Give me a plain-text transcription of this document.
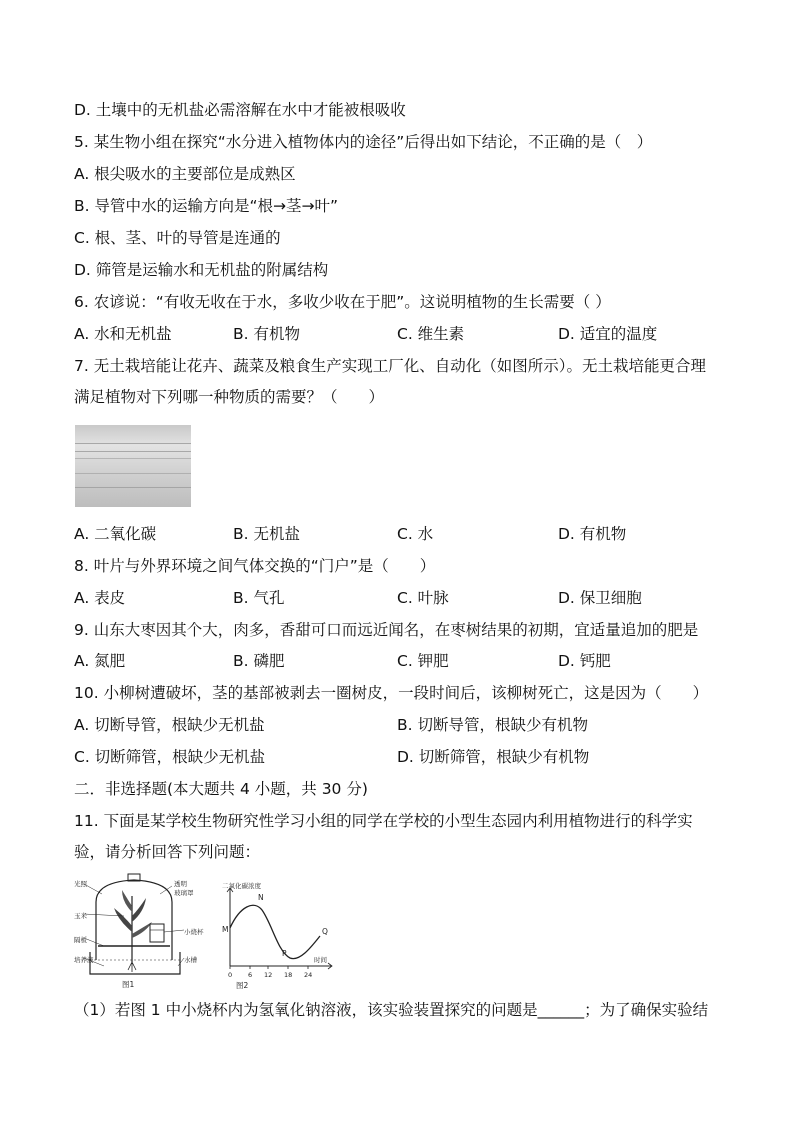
D. 土壤中的无机盐必需溶解在水中才能被根吸收
5. 某生物小组在探究“水分进入植物体内的途径”后得出如下结论，不正确的是（　）
A. 根尖吸水的主要部位是成熟区
B. 导管中水的运输方向是“根→茎→叶”
C. 根、茎、叶的导管是连通的
D. 筛管是运输水和无机盐的附属结构
6. 农谚说：“有收无收在于水，多收少收在于肥”。这说明植物的生长需要（ ）
A. 水和无机盐	B. 有机物	C. 维生素	D. 适宜的温度
7. 无土栽培能让花卉、蔬菜及粮食生产实现工厂化、自动化（如图所示）。无土栽培能更合理
满足植物对下列哪一种物质的需要？（　　）
A. 二氧化碳	B. 无机盐	C. 水	D. 有机物
8. 叶片与外界环境之间气体交换的“门户”是（　　）
A. 表皮	B. 气孔	C. 叶脉	D. 保卫细胞
9. 山东大枣因其个大，肉多，香甜可口而远近闻名，在枣树结果的初期，宜适量追加的肥是
A. 氮肥	B. 磷肥	C. 钾肥	D. 钙肥
10. 小柳树遭破坏，茎的基部被剥去一圈树皮，一段时间后，该柳树死亡，这是因为（　　）
A. 切断导管，根缺少无机盐	B. 切断导管，根缺少有机物
C. 切断筛管，根缺少无机盐	D. 切断筛管，根缺少有机物
二．非选择题(本大题共 4 小题，共 30 分)
11. 下面是某学校生物研究性学习小组的同学在学校的小型生态园内利用植物进行的科学实
验，请分析回答下列问题：
光照
玉米
隔板
培养液
透明
玻璃罩
小烧杯
水槽
图1
二氧化碳浓度
时间
0 6 12 18 24
M
N
P
Q
图2
（1）若图 1 中小烧杯内为氢氧化钠溶液，该实验装置探究的问题是______；为了确保实验结
